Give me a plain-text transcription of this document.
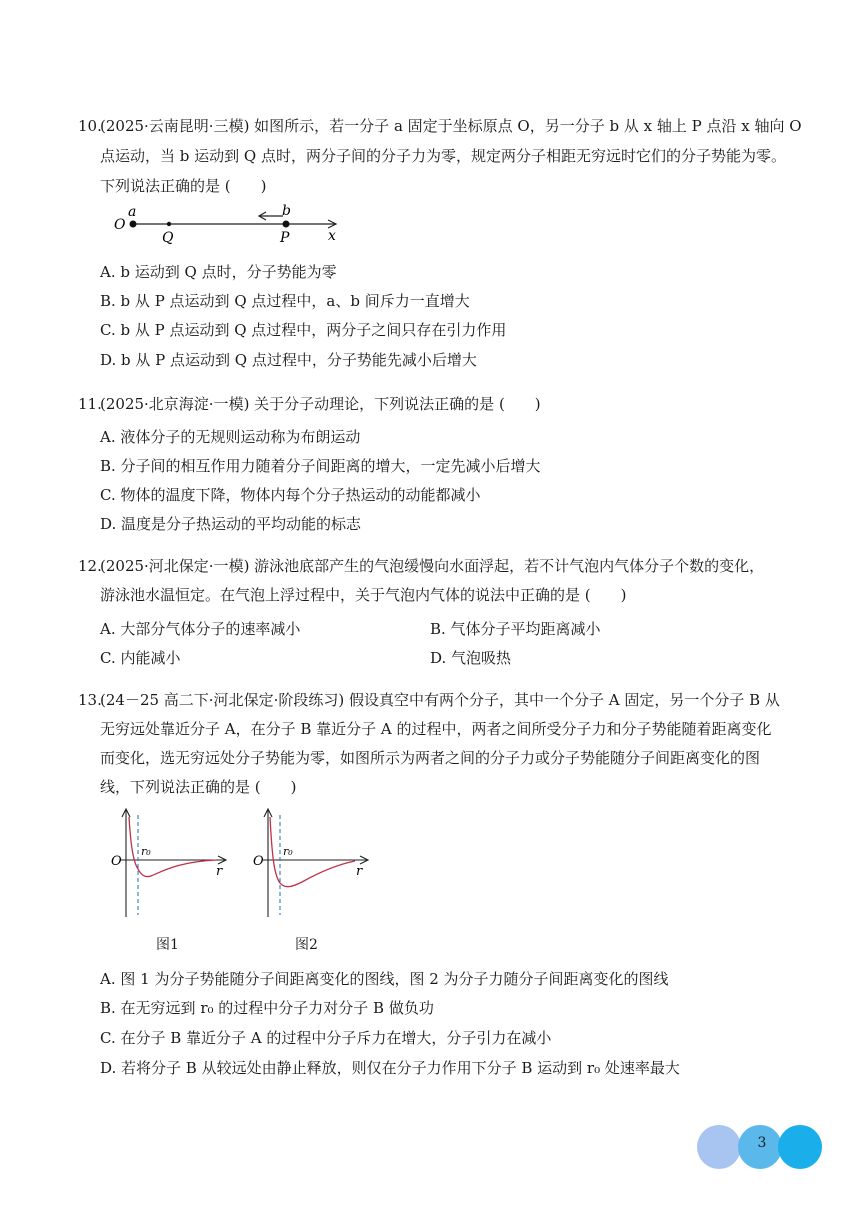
10.
(2025·云南昆明·三模) 如图所示，若一分子 a 固定于坐标原点 O，另一分子 b 从 x 轴上 P 点沿 x 轴向 O
点运动，当 b 运动到 Q 点时，两分子间的分子力为零，规定两分子相距无穷远时它们的分子势能为零。
下列说法正确的是 (　　)
O
a
Q
b
P	x
A. b 运动到 Q 点时，分子势能为零
B. b 从 P 点运动到 Q 点过程中，a、b 间斥力一直增大
C. b 从 P 点运动到 Q 点过程中，两分子之间只存在引力作用
D. b 从 P 点运动到 Q 点过程中，分子势能先减小后增大
11.
(2025·北京海淀·一模) 关于分子动理论，下列说法正确的是 (　　)
A. 液体分子的无规则运动称为布朗运动
B. 分子间的相互作用力随着分子间距离的增大，一定先减小后增大
C. 物体的温度下降，物体内每个分子热运动的动能都减小
D. 温度是分子热运动的平均动能的标志
12.
(2025·河北保定·一模) 游泳池底部产生的气泡缓慢向水面浮起，若不计气泡内气体分子个数的变化，
游泳池水温恒定。在气泡上浮过程中，关于气泡内气体的说法中正确的是 (　　)
A. 大部分气体分子的速率减小	B. 气体分子平均距离减小
C. 内能减小	D. 气泡吸热
13.
(24－25 高二下·河北保定·阶段练习) 假设真空中有两个分子，其中一个分子 A 固定，另一个分子 B 从
无穷远处靠近分子 A，在分子 B 靠近分子 A 的过程中，两者之间所受分子力和分子势能随着距离变化
而变化，选无穷远处分子势能为零，如图所示为两者之间的分子力或分子势能随分子间距离变化的图
线，下列说法正确的是 (　　)
O
r₀
r
图1
O
r₀
r
图2
A. 图 1 为分子势能随分子间距离变化的图线，图 2 为分子力随分子间距离变化的图线
B. 在无穷远到 r₀ 的过程中分子力对分子 B 做负功
C. 在分子 B 靠近分子 A 的过程中分子斥力在增大，分子引力在减小
D. 若将分子 B 从较远处由静止释放，则仅在分子力作用下分子 B 运动到 r₀ 处速率最大
3
